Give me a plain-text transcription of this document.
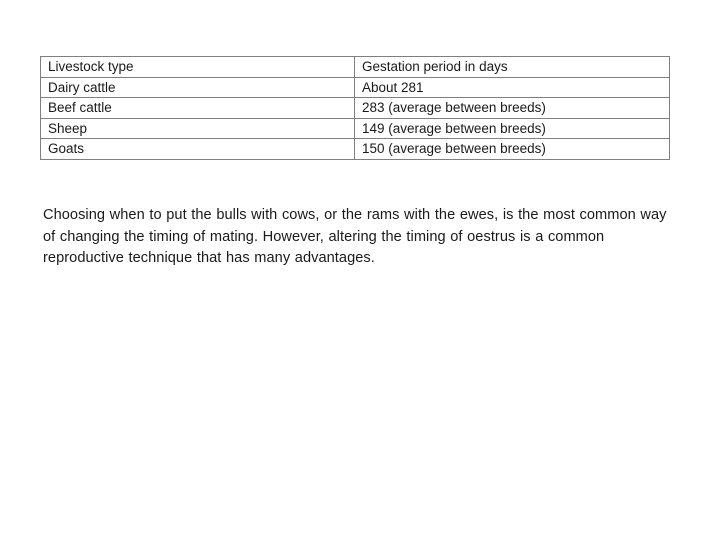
Livestock type	Gestation period in days
Dairy cattle	About 281
Beef cattle	283 (average between breeds)
Sheep	149 (average between breeds)
Goats	150 (average between breeds)

Choosing when to put the bulls with cows, or the rams with the ewes, is the most common way of changing the timing of mating. However, altering the timing of oestrus is a common reproductive technique that has many advantages.
